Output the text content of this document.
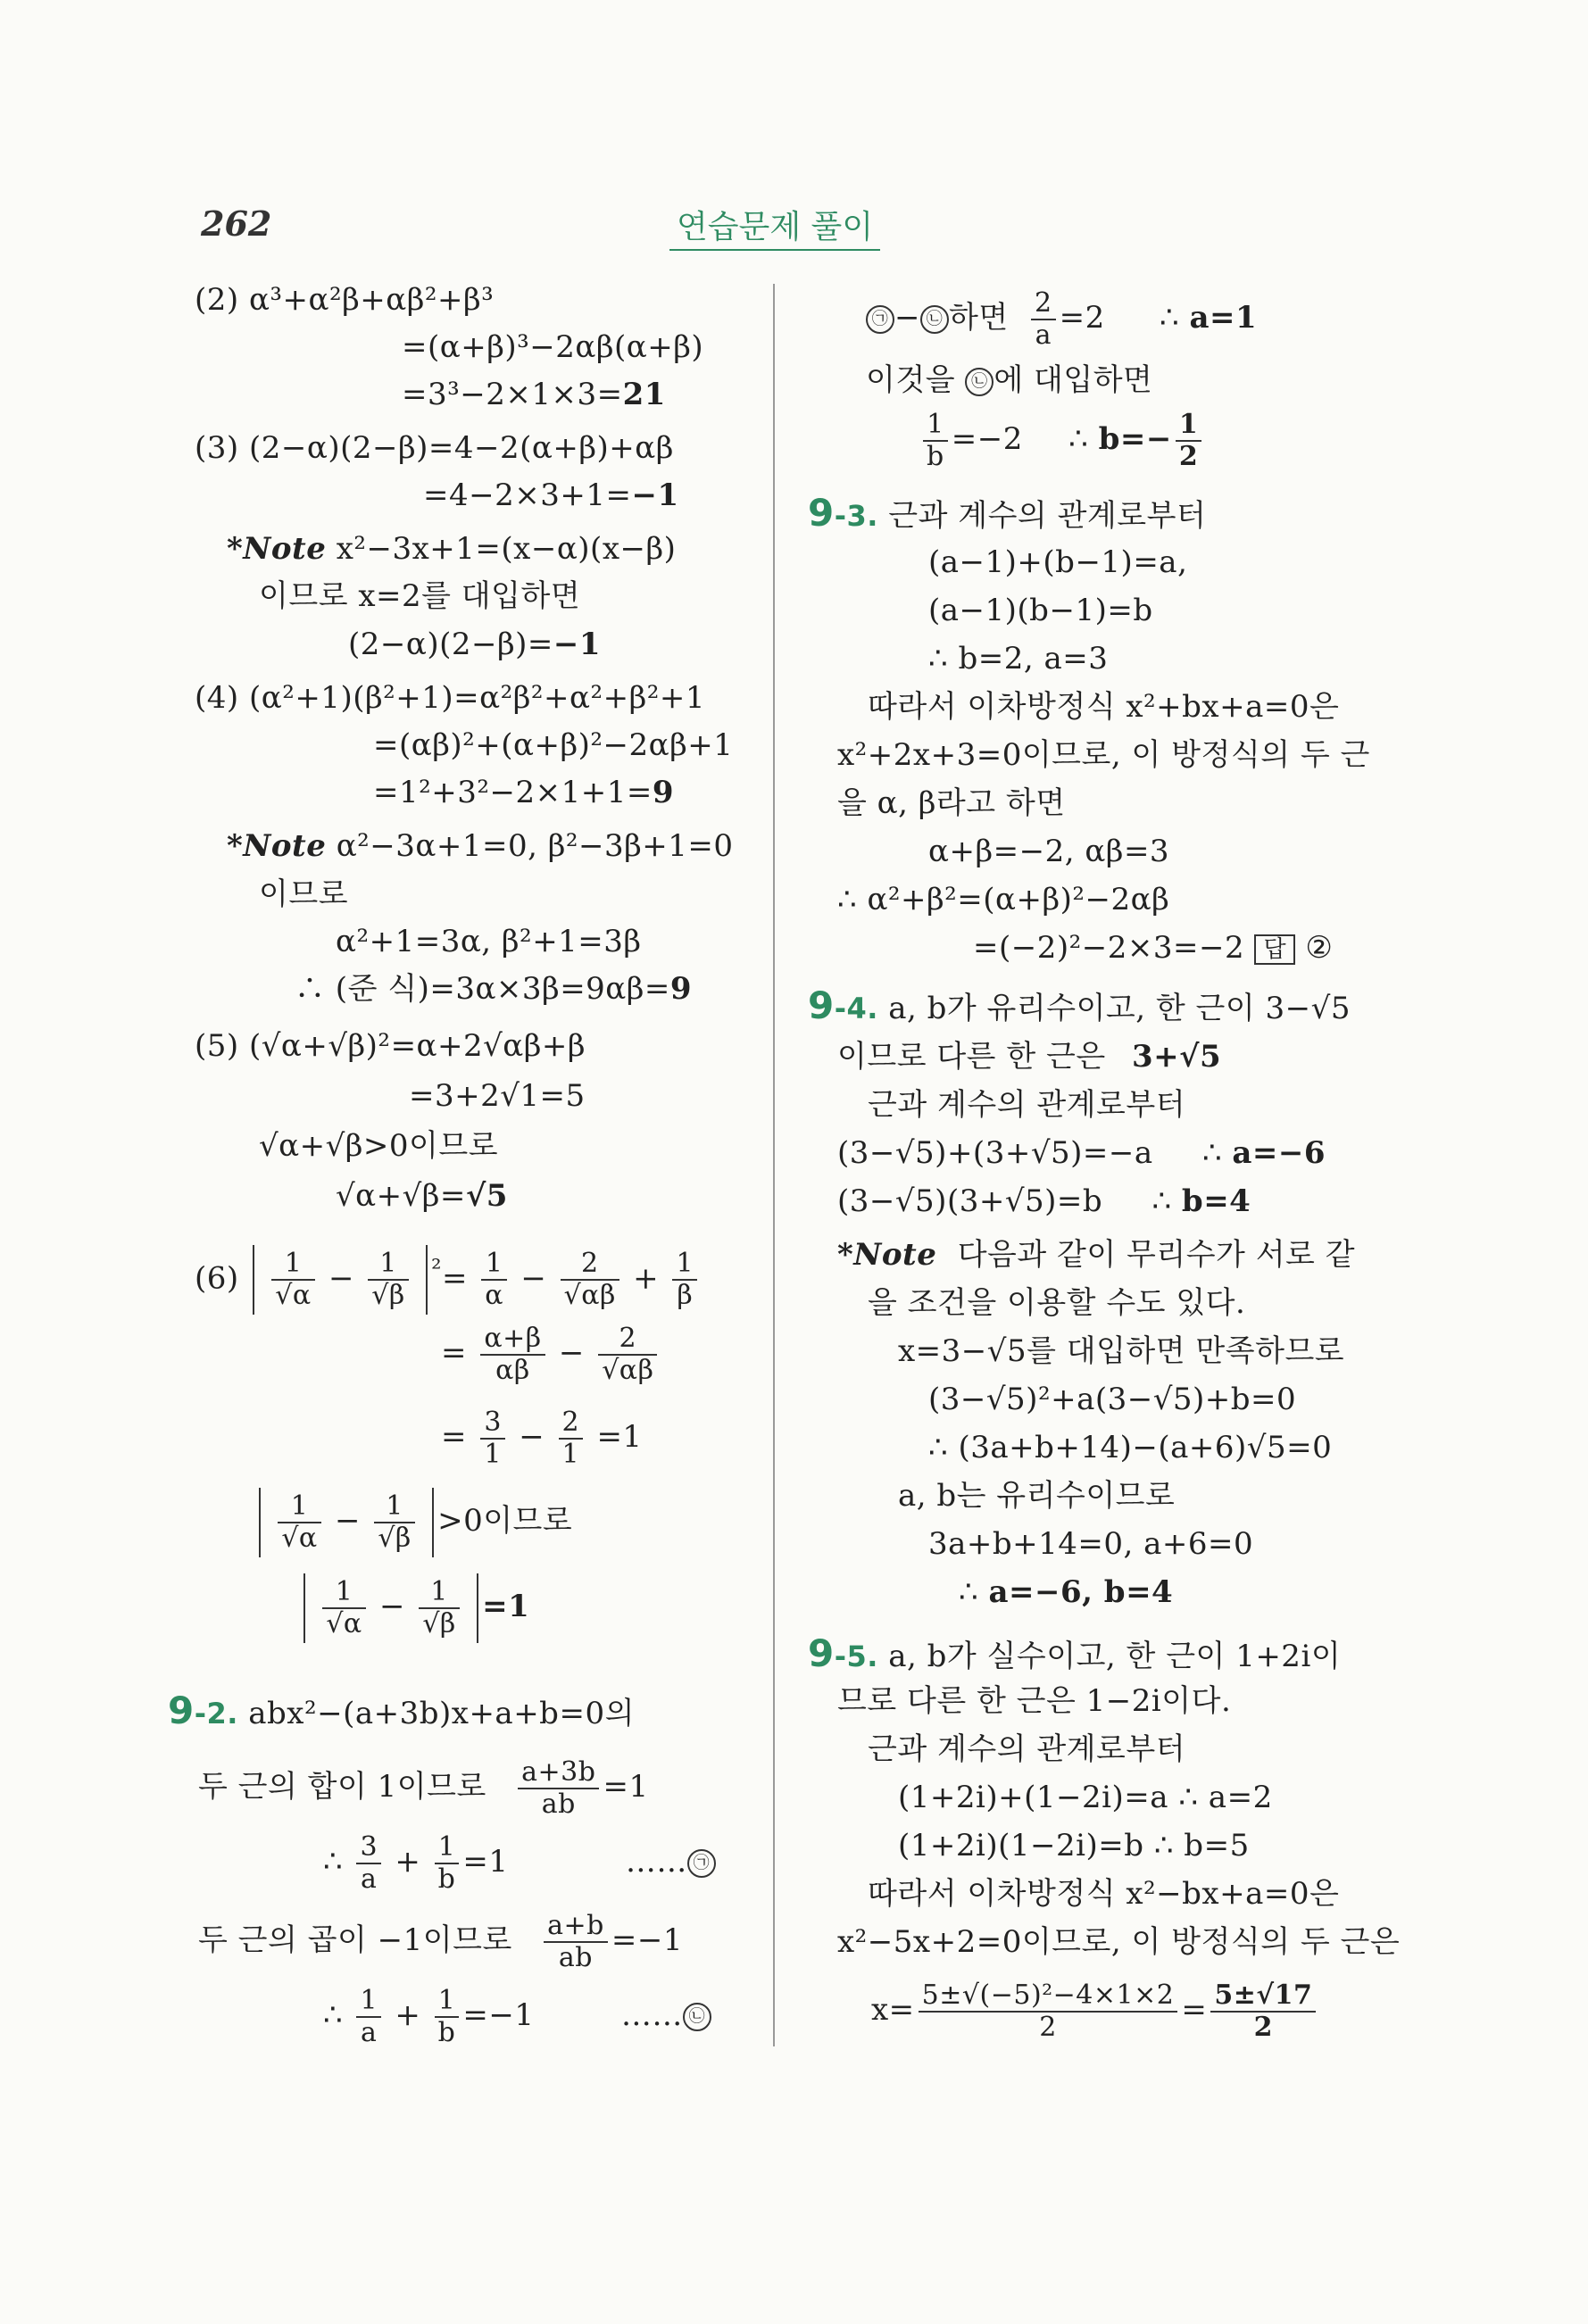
262	연습문제 풀이
(2) α³+α²β+αβ²+β³
=(α+β)³−2αβ(α+β)
=3³−2×1×3=21
(3) (2−α)(2−β)=4−2(α+β)+αβ
=4−2×3+1=−1
*Note x²−3x+1=(x−α)(x−β)
이므로 x=2를 대입하면
(2−α)(2−β)=−1
(4) (α²+1)(β²+1)=α²β²+α²+β²+1
=(αβ)²+(α+β)²−2αβ+1
=1²+3²−2×1+1=9
*Note α²−3α+1=0, β²−3β+1=0
이므로
α²+1=3α, β²+1=3β
∴ (준 식)=3α×3β=9αβ=9
(5) (√α+√β)²=α+2√αβ+β
=3+2√1=5
√α+√β>0이므로
√α+√β=√5
$(6) \frac{1}{√\alpha} - \frac{1}{√\beta} ^{^2}= \frac{1}{\alpha} - \frac{2}{√\alpha\beta} + \frac{1}{\beta}$
= $\frac{\alpha+\beta}{\alpha\beta} - \frac{2}{√\alpha\beta}$
= $\frac{3}{1} - \frac{2}{1} =1$

$\frac{1}{√\alpha} - \frac{1}{√\beta} >0$이므로

$\frac{1}{√\alpha} - \frac{1}{√\beta} =1$
9-2. abx²−(a+3b)x+a+b=0의
두 근의 합이 1이므로 $\frac{a+3b}{ab} =1$
∴ $\frac{3}{a} + \frac{1}{b} =1$	…… ㉠
두 근의 곱이 −1이므로 $\frac{a+b}{ab} =-1$
∴ $\frac{1}{a} + \frac{1}{b} =-1$	…… ㉡
㉠ − ㉡ 하면 $\frac{2}{a} =2$ ∴ a=1
이것을 ㉡ 에 대입하면
$\frac{1}{b} =-2$ ∴ $b=- \frac{1}{2}$
9-3. 근과 계수의 관계로부터
(a−1)+(b−1)=a,
(a−1)(b−1)=b
∴ b=2, a=3
따라서 이차방정식 x²+bx+a=0은
x²+2x+3=0이므로, 이 방정식의 두 근
을 α, β라고 하면
α+β=−2, αβ=3
∴ α²+β²=(α+β)²−2αβ
=(−2)²−2×3=−2 답 ②
9-4. a, b가 유리수이고, 한 근이 3−√5
이므로 다른 한 근은 3+√5
근과 계수의 관계로부터
(3−√5)+(3+√5)=−a ∴ a=−6
(3−√5)(3+√5)=b ∴ b=4
*Note 다음과 같이 무리수가 서로 같
을 조건을 이용할 수도 있다.
x=3−√5를 대입하면 만족하므로
(3−√5)²+a(3−√5)+b=0
∴ (3a+b+14)−(a+6)√5=0
a, b는 유리수이므로
3a+b+14=0, a+6=0
∴ a=−6, b=4
9-5. a, b가 실수이고, 한 근이 1+2i이
므로 다른 한 근은 1−2i이다.
근과 계수의 관계로부터
(1+2i)+(1−2i)=a ∴ a=2
(1+2i)(1−2i)=b ∴ b=5
따라서 이차방정식 x²−bx+a=0은
x²−5x+2=0이므로, 이 방정식의 두 근은
$x= \frac{\text{5±√(−5)²−4×1×2}}{2} = \frac{5\pm√17}{2}$
